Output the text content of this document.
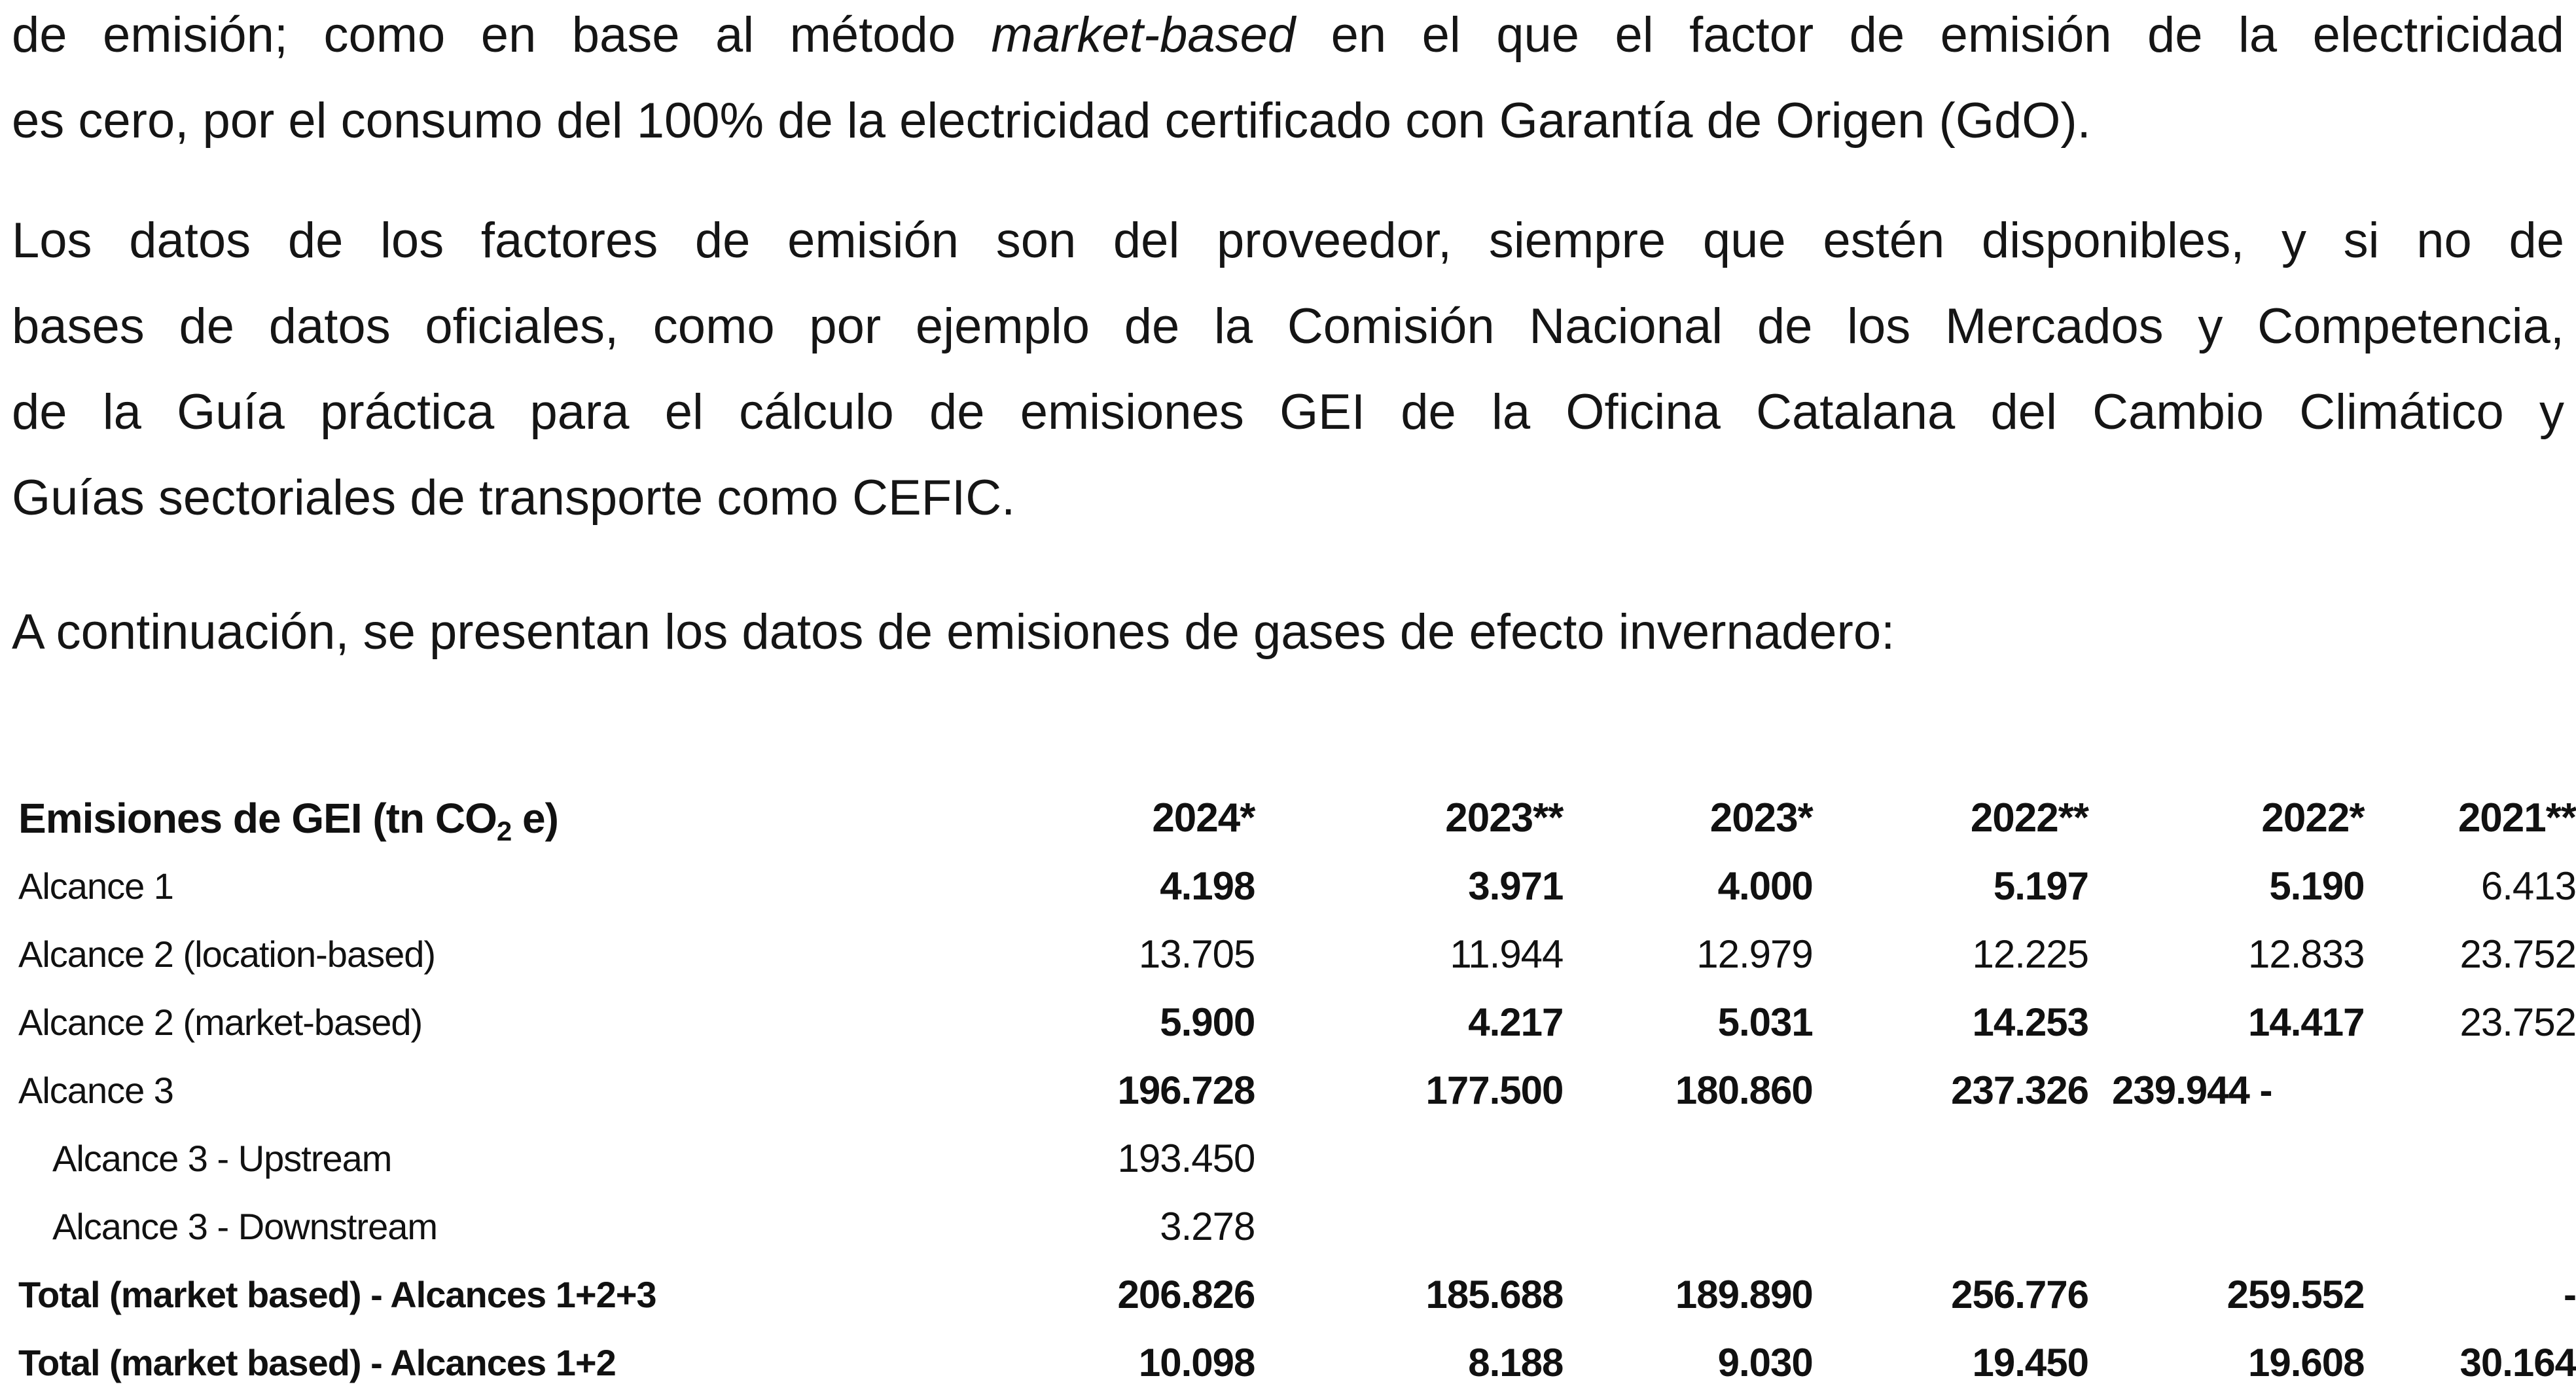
de emisión; como en base al método market-based en el que el factor de emisión de la electricidad
es cero, por el consumo del 100% de la electricidad certificado con Garantía de Origen (GdO).
Los datos de los factores de emisión son del proveedor, siempre que estén disponibles, y si no de
bases de datos oficiales, como por ejemplo de la Comisión Nacional de los Mercados y Competencia,
de la Guía práctica para el cálculo de emisiones GEI de la Oficina Catalana del Cambio Climático y
Guías sectoriales de transporte como CEFIC.
A continuación, se presentan los datos de emisiones de gases de efecto invernadero:
Emisiones de GEI (tn $CO_2$ e)	2024*	2023**	2023*	2022**	2022*	2021**
Alcance 1	4.198	3.971	4.000	5.197	5.190	6.413
Alcance 2 (location-based)	13.705	11.944	12.979	12.225	12.833	23.752
Alcance 2 (market-based)	5.900	4.217	5.031	14.253	14.417	23.752
Alcance 3	196.728	177.500	180.860	237.326	239.944 -	
Alcance 3 - Upstream	193.450					
Alcance 3 - Downstream	3.278					
Total (market based) - Alcances 1+2+3	206.826	185.688	189.890	256.776	259.552	-
Total (market based) - Alcances 1+2	10.098	8.188	9.030	19.450	19.608	30.164
